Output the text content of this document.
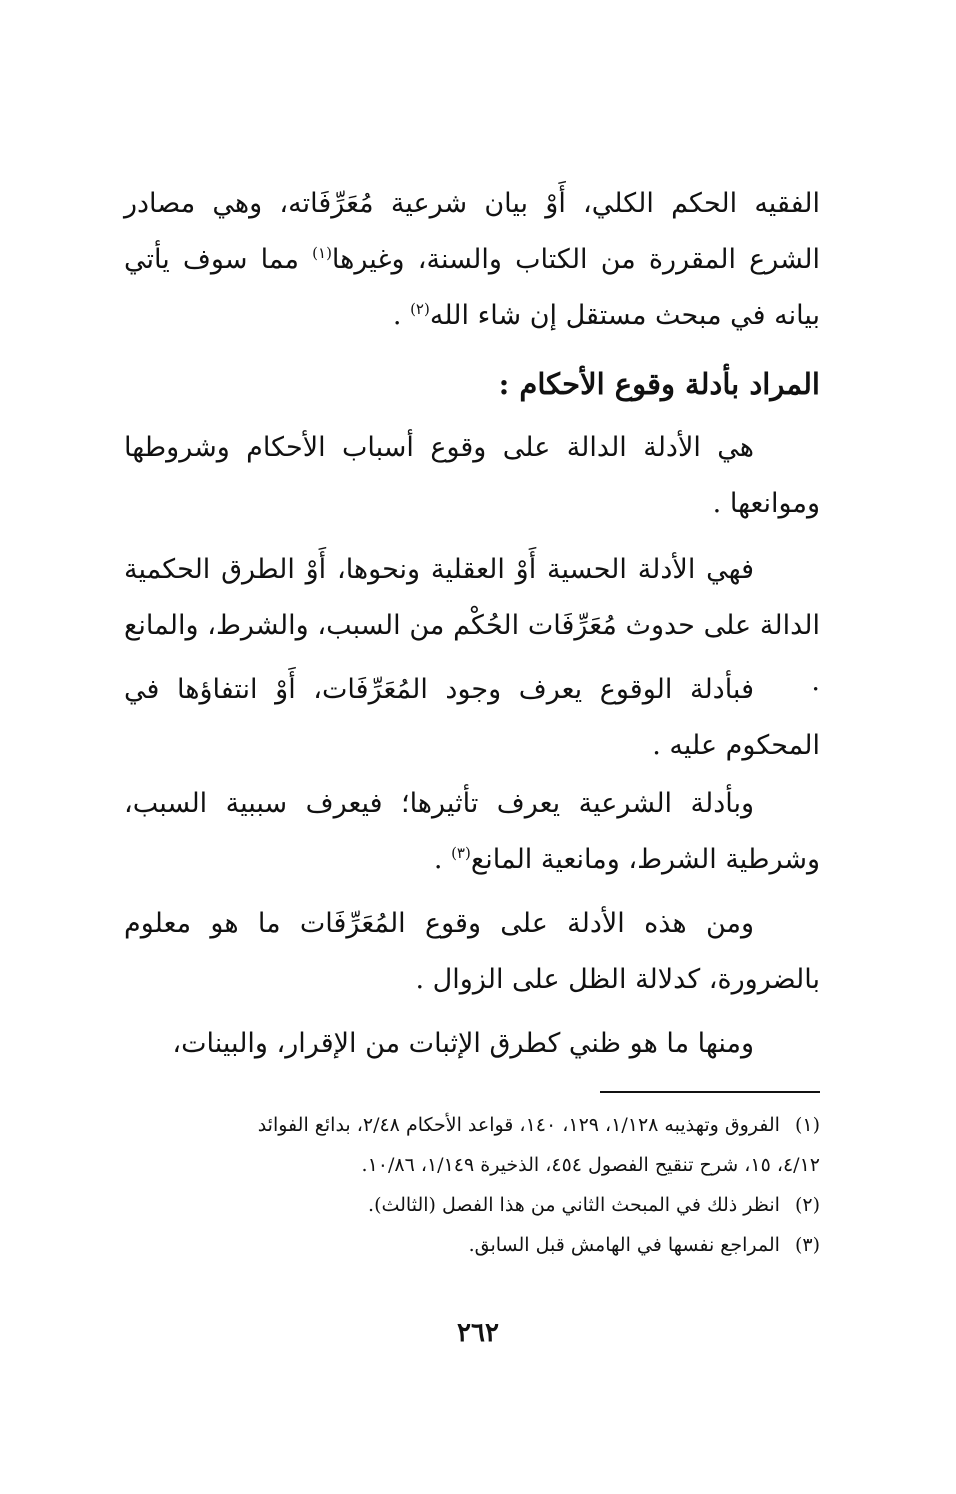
الفقيه الحكم الكلي، أَوْ بيان شرعية مُعَرِّفَاته، وهي مصادر الشرع المقررة من الكتاب والسنة، وغيرها$^{(١)}$ مما سوف يأتي بيانه في مبحث مستقل إن شاء الله$^{(٢)}$ .

المراد بأدلة وقوع الأحكام :

هي الأدلة الدالة على وقوع أسباب الأحكام وشروطها وموانعها .

فهي الأدلة الحسية أَوْ العقلية ونحوها، أَوْ الطرق الحكمية الدالة على حدوث مُعَرِّفَات الحُكْم من السبب، والشرط، والمانع .

فبأدلة الوقوع يعرف وجود المُعَرِّفَات، أَوْ انتفاؤها في المحكوم عليه .

وبأدلة الشرعية يعرف تأثيرها؛ فيعرف سببية السبب، وشرطية الشرط، ومانعية المانع$^{(٣)}$ .

ومن هذه الأدلة على وقوع المُعَرِّفَات ما هو معلوم بالضرورة، كدلالة الظل على الزوال .

ومنها ما هو ظني كطرق الإثبات من الإقرار، والبينات،

(١) الفروق وتهذيبه ١/١٢٨، ١٢٩، ١٤٠، قواعد الأحكام ٢/٤٨، بدائع الفوائد

٤/١٢، ١٥، شرح تنقيح الفصول ٤٥٤، الذخيرة ١/١٤٩، ١٠/٨٦.

(٢) انظر ذلك في المبحث الثاني من هذا الفصل (الثالث).

(٣) المراجع نفسها في الهامش قبل السابق.

٢٦٢
